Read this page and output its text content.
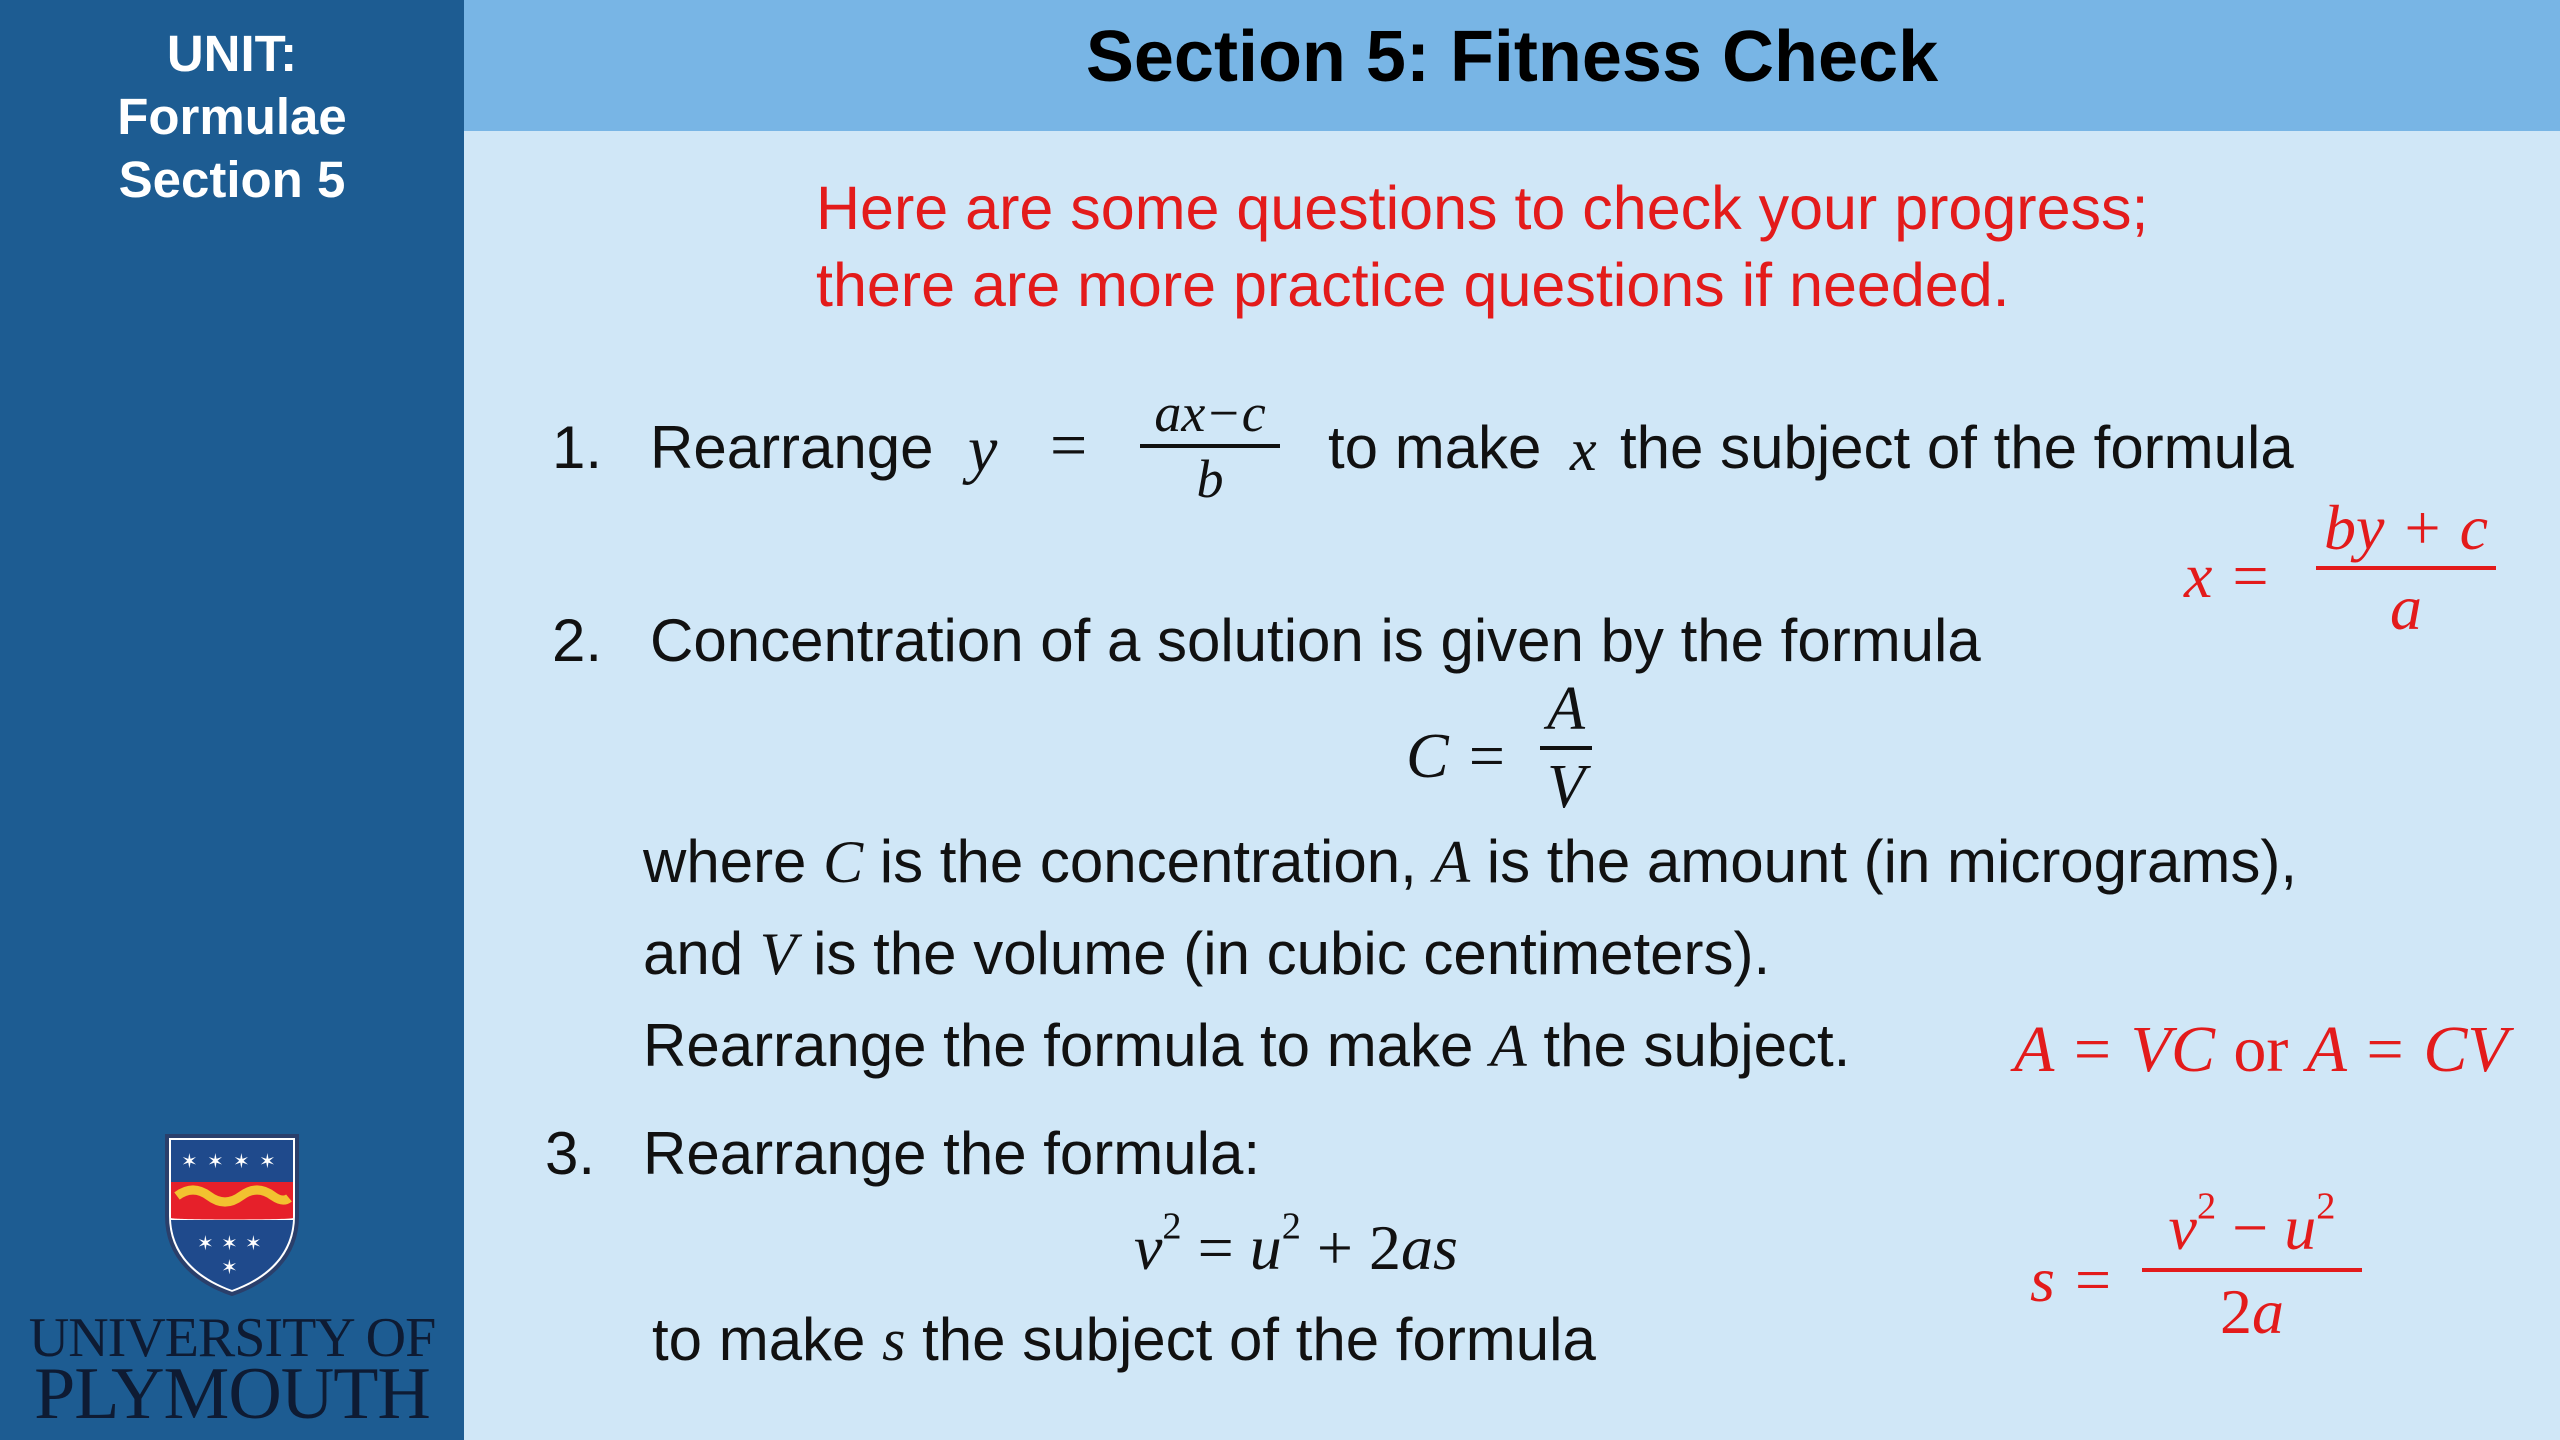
UNIT:
Formulae
Section 5
✶ ✶ ✶ ✶
✶ ✶ ✶
✶
UNIVERSITY OF
PLYMOUTH
Section 5: Fitness Check
Here are some questions to check your progress;
there are more practice questions if needed.
1. Rearrange y = ax−c
b	to make x the subject of the formula
x =
by + c
a
2. Concentration of a solution is given by the formula
C =
A
V
where C is the concentration, A is the amount (in micrograms),
and V is the volume (in cubic centimeters).
Rearrange the formula to make A the subject. A = VC or A = CV
3. Rearrange the formula:
$v^2 = u^2 + 2as$
to make s the subject of the formula
s =
$v^2 - u^2$
2a
